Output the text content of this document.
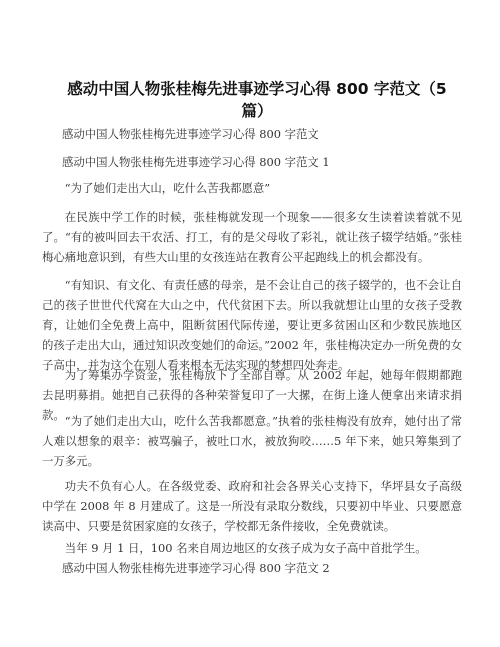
感动中国人物张桂梅先进事迹学习心得 800 字范文（5 篇）

感动中国人物张桂梅先进事迹学习心得 800 字范文

感动中国人物张桂梅先进事迹学习心得 800 字范文 1

“为了她们走出大山，吃什么苦我都愿意”

在民族中学工作的时候，张桂梅就发现一个现象——很多女生读着读着就不见了。“有的被叫回去干农活、打工，有的是父母收了彩礼，就让孩子辍学结婚。”张桂梅心痛地意识到，有些大山里的女孩连站在教育公平起跑线上的机会都没有。

“有知识、有文化、有责任感的母亲，是不会让自己的孩子辍学的，也不会让自己的孩子世世代代窝在大山之中，代代贫困下去。所以我就想让山里的女孩子受教育，让她们全免费上高中，阻断贫困代际传递，要让更多贫困山区和少数民族地区的孩子走出大山，通过知识改变她们的命运。”2002 年，张桂梅决定办一所免费的女子高中，并为这个在别人看来根本无法实现的梦想四处奔走。

为了筹集办学资金，张桂梅放下了全部自尊。从 2002 年起，她每年假期都跑去昆明募捐。她把自己获得的各种荣誉复印了一大摞，在街上逢人便拿出来请求捐款。 “为了她们走出大山，吃什么苦我都愿意。”执着的张桂梅没有放弃，她付出了常人难以想象的艰辛：被骂骗子，被吐口水，被放狗咬……5 年下来，她只筹集到了一万多元。

功夫不负有心人。在各级党委、政府和社会各界关心支持下，华坪县女子高级中学在 2008 年 8 月建成了。这是一所没有录取分数线，只要初中毕业、只要愿意读高中、只要是贫困家庭的女孩子，学校都无条件接收，全免费就读。

当年 9 月 1 日，100 名来自周边地区的女孩子成为女子高中首批学生。

感动中国人物张桂梅先进事迹学习心得 800 字范文 2
